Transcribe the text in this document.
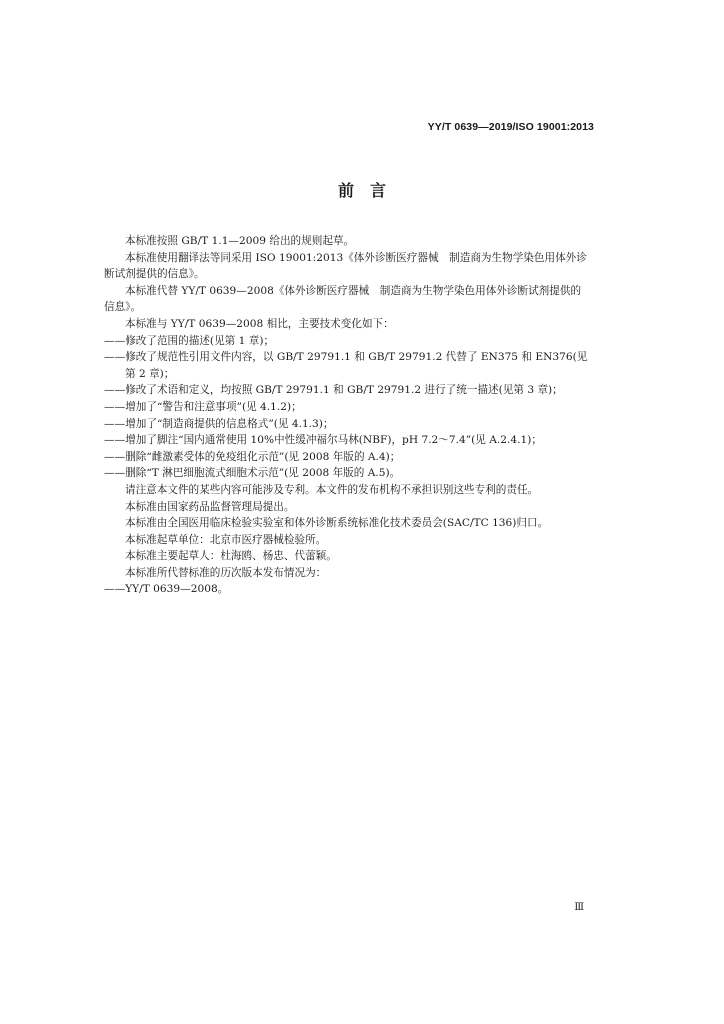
YY/T 0639—2019/ISO 19001:2013
前　言

本标准按照 GB/T 1.1—2009 给出的规则起草。

本标准使用翻译法等同采用 ISO 19001:2013《体外诊断医疗器械　制造商为生物学染色用体外诊

断试剂提供的信息》。

本标准代替 YY/T 0639—2008《体外诊断医疗器械　制造商为生物学染色用体外诊断试剂提供的

信息》。

本标准与 YY/T 0639—2008 相比，主要技术变化如下：

——修改了范围的描述(见第 1 章)；

——修改了规范性引用文件内容，以 GB/T 29791.1 和 GB/T 29791.2 代替了 EN375 和 EN376(见

第 2 章)；

——修改了术语和定义，均按照 GB/T 29791.1 和 GB/T 29791.2 进行了统一描述(见第 3 章)；

——增加了“警告和注意事项”(见 4.1.2)；

——增加了“制造商提供的信息格式”(见 4.1.3)；

——增加了脚注“国内通常使用 10%中性缓冲福尔马林(NBF)，pH 7.2～7.4”(见 A.2.4.1)；

——删除“雌激素受体的免疫组化示范”(见 2008 年版的 A.4)；

——删除“T 淋巴细胞流式细胞术示范”(见 2008 年版的 A.5)。

请注意本文件的某些内容可能涉及专利。本文件的发布机构不承担识别这些专利的责任。

本标准由国家药品监督管理局提出。

本标准由全国医用临床检验实验室和体外诊断系统标准化技术委员会(SAC/TC 136)归口。

本标准起草单位：北京市医疗器械检验所。

本标准主要起草人：杜海鸥、杨忠、代蕾颖。

本标准所代替标准的历次版本发布情况为：

——YY/T 0639—2008。

Ⅲ
